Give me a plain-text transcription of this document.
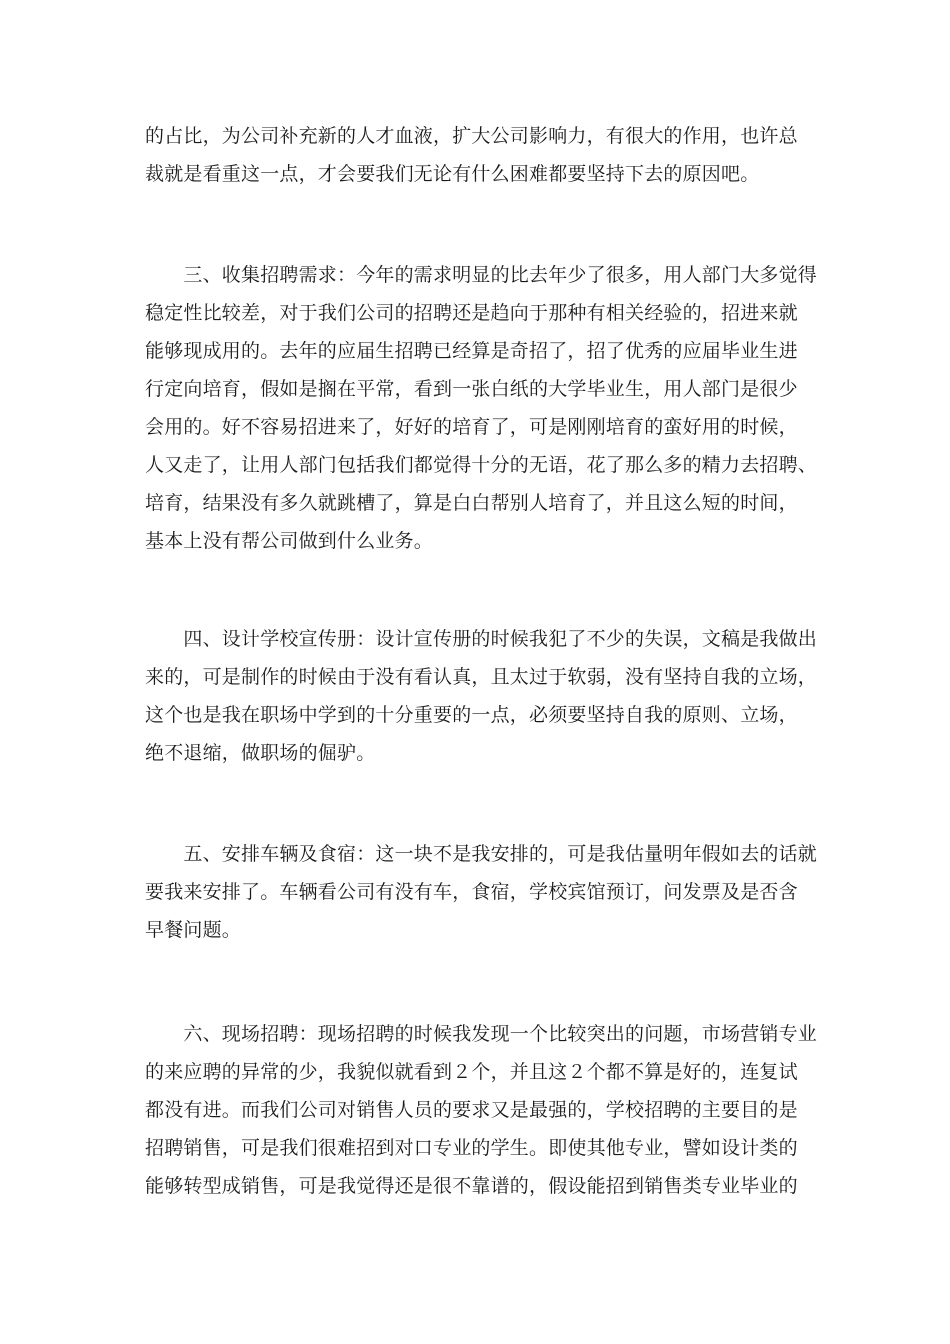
的占比，为公司补充新的人才血液，扩大公司影响力，有很大的作用，也许总
裁就是看重这一点，才会要我们无论有什么困难都要坚持下去的原因吧。
　　三、收集招聘需求：今年的需求明显的比去年少了很多，用人部门大多觉得
稳定性比较差，对于我们公司的招聘还是趋向于那种有相关经验的，招进来就
能够现成用的。去年的应届生招聘已经算是奇招了，招了优秀的应届毕业生进
行定向培育，假如是搁在平常，看到一张白纸的大学毕业生，用人部门是很少
会用的。好不容易招进来了，好好的培育了，可是刚刚培育的蛮好用的时候，
人又走了，让用人部门包括我们都觉得十分的无语，花了那么多的精力去招聘、
培育，结果没有多久就跳槽了，算是白白帮别人培育了，并且这么短的时间，
基本上没有帮公司做到什么业务。
　　四、设计学校宣传册：设计宣传册的时候我犯了不少的失误，文稿是我做出
来的，可是制作的时候由于没有看认真，且太过于软弱，没有坚持自我的立场，
这个也是我在职场中学到的十分重要的一点，必须要坚持自我的原则、立场，
绝不退缩，做职场的倔驴。
　　五、安排车辆及食宿：这一块不是我安排的，可是我估量明年假如去的话就
要我来安排了。车辆看公司有没有车，食宿，学校宾馆预订，问发票及是否含
早餐问题。
　　六、现场招聘：现场招聘的时候我发现一个比较突出的问题，市场营销专业
的来应聘的异常的少，我貌似就看到２个，并且这２个都不算是好的，连复试
都没有进。而我们公司对销售人员的要求又是最强的，学校招聘的主要目的是
招聘销售，可是我们很难招到对口专业的学生。即使其他专业，譬如设计类的
能够转型成销售，可是我觉得还是很不靠谱的，假设能招到销售类专业毕业的
